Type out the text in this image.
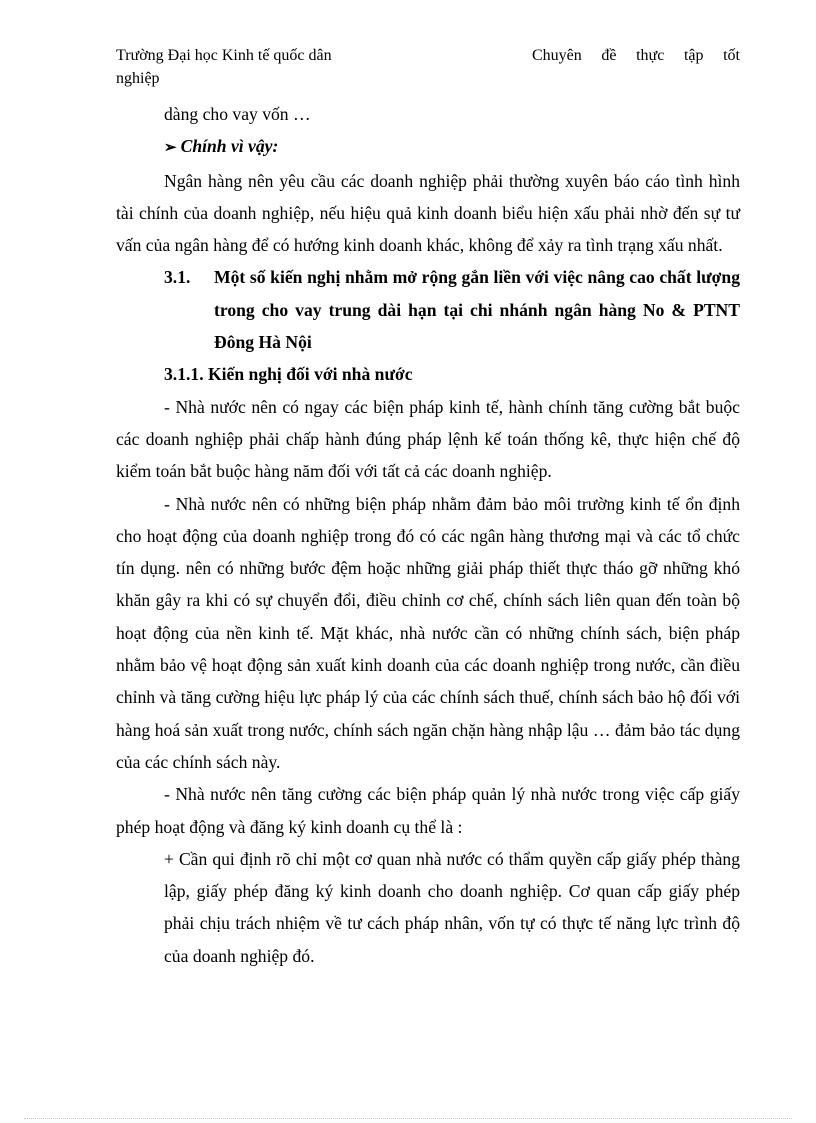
Trường Đại học Kinh tế quốc dân	Chuyên đề thực tập tốt
nghiệp

dàng cho vay vốn …

➢ Chính vì vậy:

Ngân hàng nên yêu cầu các doanh nghiệp phải thường xuyên báo cáo tình hình tài chính của doanh nghiệp, nếu hiệu quả kinh doanh biểu hiện xấu phải nhờ đến sự tư vấn của ngân hàng để có hướng kinh doanh khác, không để xảy ra tình trạng xấu nhất.

3.1.	Một số kiến nghị nhằm mở rộng gắn liền với việc nâng cao chất lượng trong cho vay trung dài hạn tại chi nhánh ngân hàng No & PTNT Đông Hà Nội

3.1.1. Kiến nghị đối với nhà nước

- Nhà nước nên có ngay các biện pháp kinh tế, hành chính tăng cường bắt buộc các doanh nghiệp phải chấp hành đúng pháp lệnh kế toán thống kê, thực hiện chế độ kiểm toán bắt buộc hàng năm đối với tất cả các doanh nghiệp.

- Nhà nước nên có những biện pháp nhằm đảm bảo môi trường kinh tế ổn định cho hoạt động của doanh nghiệp trong đó có các ngân hàng thương mại và các tổ chức tín dụng. nên có những bước đệm hoặc những giải pháp thiết thực tháo gỡ những khó khăn gây ra khi có sự chuyển đổi, điều chỉnh cơ chế, chính sách liên quan đến toàn bộ hoạt động của nền kinh tế. Mặt khác, nhà nước cần có những chính sách, biện pháp nhằm bảo vệ hoạt động sản xuất kinh doanh của các doanh nghiệp trong nước, cần điều chỉnh và tăng cường hiệu lực pháp lý của các chính sách thuế, chính sách bảo hộ đối với hàng hoá sản xuất trong nước, chính sách ngăn chặn hàng nhập lậu … đảm bảo tác dụng của các chính sách này.

- Nhà nước nên tăng cường các biện pháp quản lý nhà nước trong việc cấp giấy phép hoạt động và đăng ký kinh doanh cụ thể là :

+ Cần qui định rõ chỉ một cơ quan nhà nước có thẩm quyền cấp giấy phép thàng lập, giấy phép đăng ký kinh doanh cho doanh nghiệp. Cơ quan cấp giấy phép phải chịu trách nhiệm về tư cách pháp nhân, vốn tự có thực tế năng lực trình độ của doanh nghiệp đó.
